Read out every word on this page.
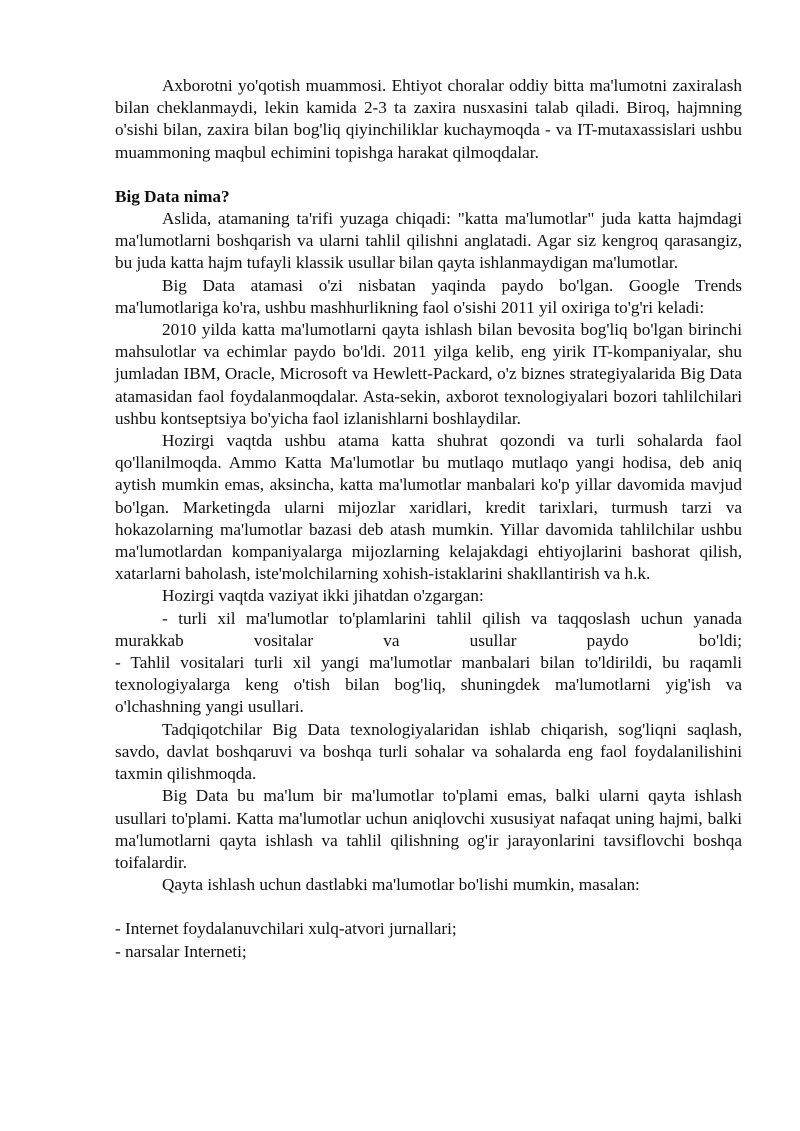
Axborotni yo'qotish muammosi. Ehtiyot choralar oddiy bitta ma'lumotni zaxiralash bilan cheklanmaydi, lekin kamida 2-3 ta zaxira nusxasini talab qiladi. Biroq, hajmning o'sishi bilan, zaxira bilan bog'liq qiyinchiliklar kuchaymoqda - va IT-mutaxassislari ushbu muammoning maqbul echimini topishga harakat qilmoqdalar.

Big Data nima?

Aslida, atamaning ta'rifi yuzaga chiqadi: "katta ma'lumotlar" juda katta hajmdagi ma'lumotlarni boshqarish va ularni tahlil qilishni anglatadi. Agar siz kengroq qarasangiz, bu juda katta hajm tufayli klassik usullar bilan qayta ishlanmaydigan ma'lumotlar.

Big Data atamasi o'zi nisbatan yaqinda paydo bo'lgan. Google Trends ma'lumotlariga ko'ra, ushbu mashhurlikning faol o'sishi 2011 yil oxiriga to'g'ri keladi:

2010 yilda katta ma'lumotlarni qayta ishlash bilan bevosita bog'liq bo'lgan birinchi mahsulotlar va echimlar paydo bo'ldi. 2011 yilga kelib, eng yirik IT-kompaniyalar, shu jumladan IBM, Oracle, Microsoft va Hewlett-Packard, o'z biznes strategiyalarida Big Data atamasidan faol foydalanmoqdalar. Asta-sekin, axborot texnologiyalari bozori tahlilchilari ushbu kontseptsiya bo'yicha faol izlanishlarni boshlaydilar.

Hozirgi vaqtda ushbu atama katta shuhrat qozondi va turli sohalarda faol qo'llanilmoqda. Ammo Katta Ma'lumotlar bu mutlaqo mutlaqo yangi hodisa, deb aniq aytish mumkin emas, aksincha, katta ma'lumotlar manbalari ko'p yillar davomida mavjud bo'lgan. Marketingda ularni mijozlar xaridlari, kredit tarixlari, turmush tarzi va hokazolarning ma'lumotlar bazasi deb atash mumkin. Yillar davomida tahlilchilar ushbu ma'lumotlardan kompaniyalarga mijozlarning kelajakdagi ehtiyojlarini bashorat qilish, xatarlarni baholash, iste'molchilarning xohish-istaklarini shakllantirish va h.k.

Hozirgi vaqtda vaziyat ikki jihatdan o'zgargan:

- turli xil ma'lumotlar to'plamlarini tahlil qilish va taqqoslash uchun yanada murakkab vositalar va usullar paydo bo'ldi;

- Tahlil vositalari turli xil yangi ma'lumotlar manbalari bilan to'ldirildi, bu raqamli texnologiyalarga keng o'tish bilan bog'liq, shuningdek ma'lumotlarni yig'ish va o'lchashning yangi usullari.

Tadqiqotchilar Big Data texnologiyalaridan ishlab chiqarish, sog'liqni saqlash, savdo, davlat boshqaruvi va boshqa turli sohalar va sohalarda eng faol foydalanilishini taxmin qilishmoqda.

Big Data bu ma'lum bir ma'lumotlar to'plami emas, balki ularni qayta ishlash usullari to'plami. Katta ma'lumotlar uchun aniqlovchi xususiyat nafaqat uning hajmi, balki ma'lumotlarni qayta ishlash va tahlil qilishning og'ir jarayonlarini tavsiflovchi boshqa toifalardir.

Qayta ishlash uchun dastlabki ma'lumotlar bo'lishi mumkin, masalan:

- Internet foydalanuvchilari xulq-atvori jurnallari;

- narsalar Interneti;
